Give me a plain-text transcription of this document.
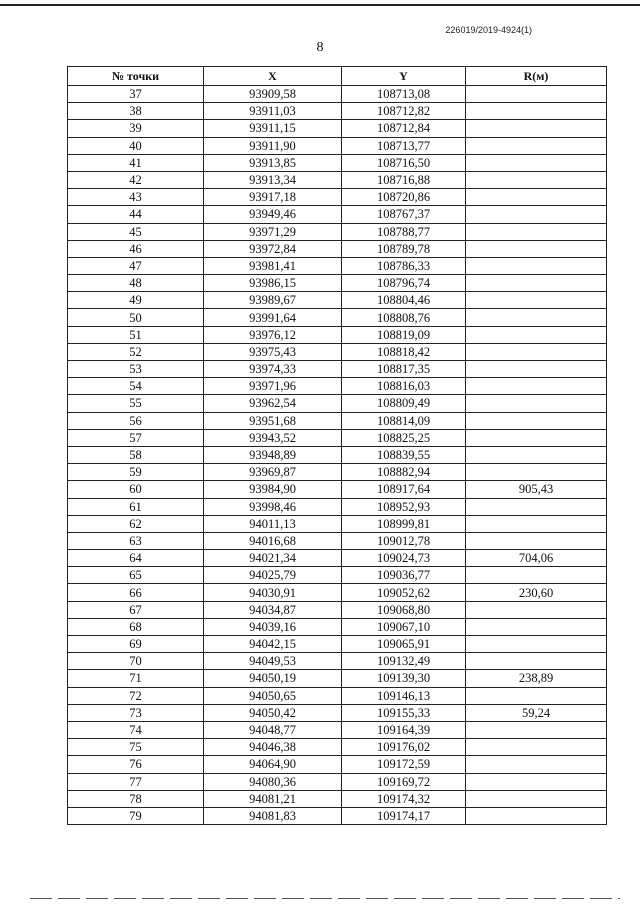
226019/2019-4924(1)
8
№ точки	X	Y	R(м)
37	93909,58	108713,08	
38	93911,03	108712,82	
39	93911,15	108712,84	
40	93911,90	108713,77	
41	93913,85	108716,50	
42	93913,34	108716,88	
43	93917,18	108720,86	
44	93949,46	108767,37	
45	93971,29	108788,77	
46	93972,84	108789,78	
47	93981,41	108786,33	
48	93986,15	108796,74	
49	93989,67	108804,46	
50	93991,64	108808,76	
51	93976,12	108819,09	
52	93975,43	108818,42	
53	93974,33	108817,35	
54	93971,96	108816,03	
55	93962,54	108809,49	
56	93951,68	108814,09	
57	93943,52	108825,25	
58	93948,89	108839,55	
59	93969,87	108882,94	
60	93984,90	108917,64	905,43
61	93998,46	108952,93	
62	94011,13	108999,81	
63	94016,68	109012,78	
64	94021,34	109024,73	704,06
65	94025,79	109036,77	
66	94030,91	109052,62	230,60
67	94034,87	109068,80	
68	94039,16	109067,10	
69	94042,15	109065,91	
70	94049,53	109132,49	
71	94050,19	109139,30	238,89
72	94050,65	109146,13	
73	94050,42	109155,33	59,24
74	94048,77	109164,39	
75	94046,38	109176,02	
76	94064,90	109172,59	
77	94080,36	109169,72	
78	94081,21	109174,32	
79	94081,83	109174,17	
